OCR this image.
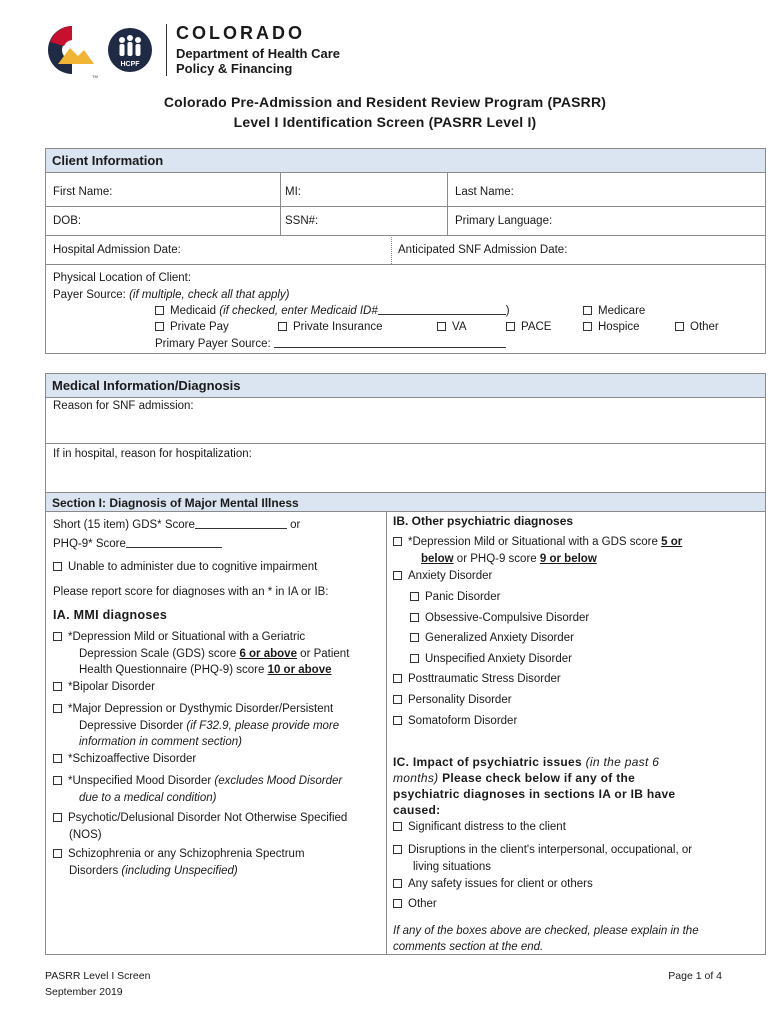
HCPF
TM
COLORADO
Department of Health Care
Policy & Financing
Colorado Pre-Admission and Resident Review Program (PASRR)
Level I Identification Screen (PASRR Level I)
Client Information
First Name:	MI:	Last Name:
DOB:	SSN#:	Primary Language:
Hospital Admission Date:	Anticipated SNF Admission Date:
Physical Location of Client:
Payer Source: (if multiple, check all that apply)
Medicaid (if checked, enter Medicaid ID#	)	Medicare
Private Pay	Private Insurance	VA	PACE	Hospice	Other
Primary Payer Source:
Medical Information/Diagnosis
Reason for SNF admission:
If in hospital, reason for hospitalization:
Section I: Diagnosis of Major Mental Illness
Short (15 item) GDS* Score	or
PHQ-9* Score
Unable to administer due to cognitive impairment
Please report score for diagnoses with an * in IA or IB:
IA. MMI diagnoses
*Depression Mild or Situational with a Geriatric
Depression Scale (GDS) score 6 or above or Patient
Health Questionnaire (PHQ-9) score 10 or above
*Bipolar Disorder
*Major Depression or Dysthymic Disorder/Persistent
Depressive Disorder (if F32.9, please provide more
information in comment section)
*Schizoaffective Disorder
*Unspecified Mood Disorder (excludes Mood Disorder
due to a medical condition)
Psychotic/Delusional Disorder Not Otherwise Specified
(NOS)
Schizophrenia or any Schizophrenia Spectrum
Disorders (including Unspecified)
IB. Other psychiatric diagnoses
*Depression Mild or Situational with a GDS score 5 or
below or PHQ-9 score 9 or below
Anxiety Disorder
Panic Disorder
Obsessive-Compulsive Disorder
Generalized Anxiety Disorder
Unspecified Anxiety Disorder
Posttraumatic Stress Disorder
Personality Disorder
Somatoform Disorder
IC. Impact of psychiatric issues (in the past 6
months) Please check below if any of the
psychiatric diagnoses in sections IA or IB have
caused:
Significant distress to the client
Disruptions in the client's interpersonal, occupational, or
living situations
Any safety issues for client or others
Other
If any of the boxes above are checked, please explain in the
comments section at the end.
PASRR Level I Screen
September 2019
Page 1 of 4
